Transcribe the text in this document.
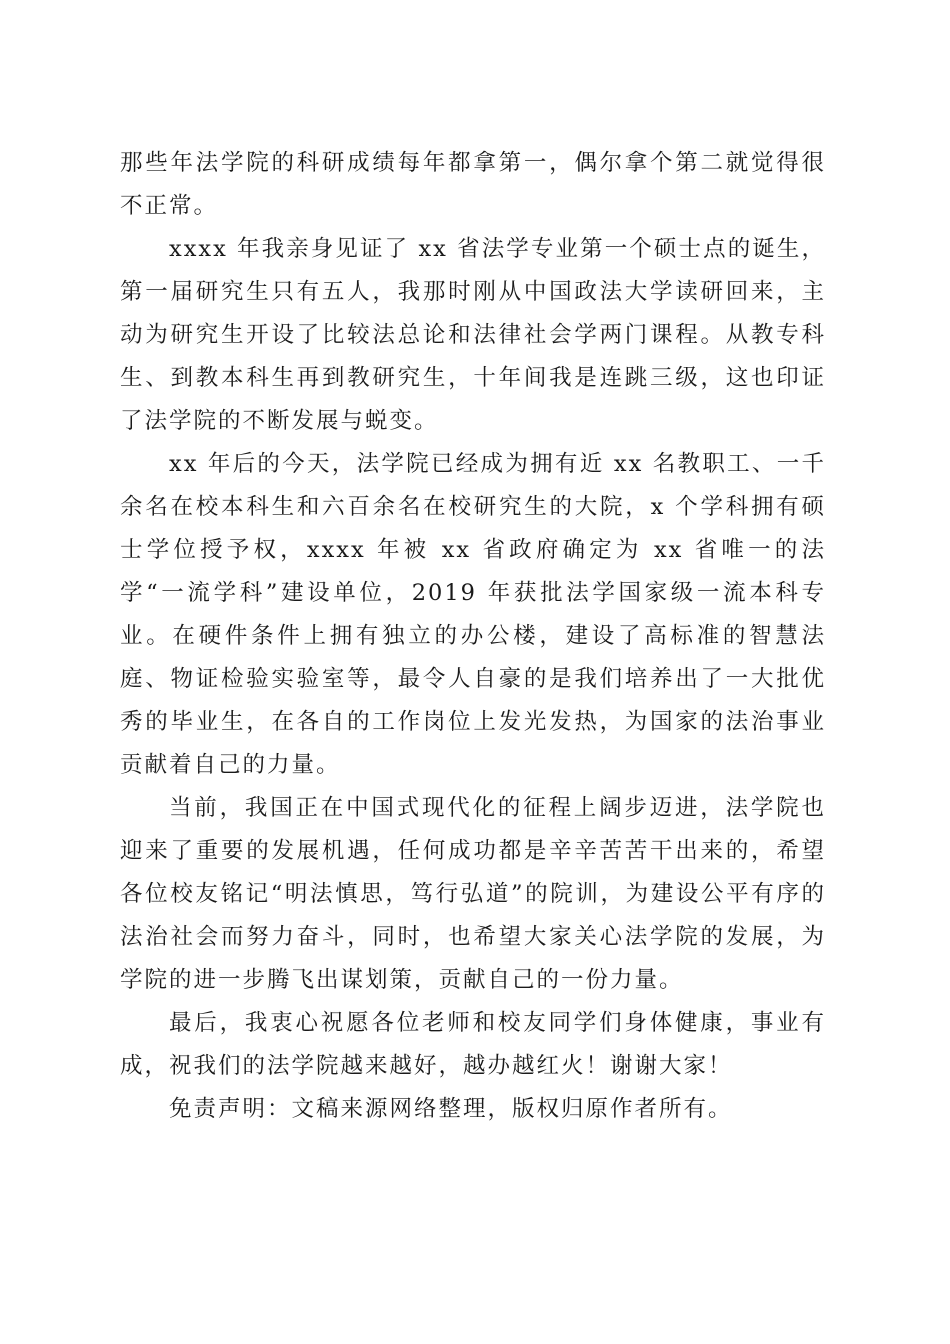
那些年法学院的科研成绩每年都拿第一，偶尔拿个第二就觉得很不正常。

xxxx 年我亲身见证了 xx 省法学专业第一个硕士点的诞生，第一届研究生只有五人，我那时刚从中国政法大学读研回来，主动为研究生开设了比较法总论和法律社会学两门课程。从教专科生、到教本科生再到教研究生，十年间我是连跳三级，这也印证了法学院的不断发展与蜕变。

xx 年后的今天，法学院已经成为拥有近 xx 名教职工、一千余名在校本科生和六百余名在校研究生的大院，x 个学科拥有硕士学位授予权，xxxx 年被 xx 省政府确定为 xx 省唯一的法学“一流学科”建设单位，2019 年获批法学国家级一流本科专业。在硬件条件上拥有独立的办公楼，建设了高标准的智慧法庭、物证检验实验室等，最令人自豪的是我们培养出了一大批优秀的毕业生，在各自的工作岗位上发光发热，为国家的法治事业贡献着自己的力量。

当前，我国正在中国式现代化的征程上阔步迈进，法学院也迎来了重要的发展机遇，任何成功都是辛辛苦苦干出来的，希望各位校友铭记“明法慎思，笃行弘道”的院训，为建设公平有序的法治社会而努力奋斗，同时，也希望大家关心法学院的发展，为学院的进一步腾飞出谋划策，贡献自己的一份力量。

最后，我衷心祝愿各位老师和校友同学们身体健康，事业有成，祝我们的法学院越来越好，越办越红火！谢谢大家！

免责声明：文稿来源网络整理，版权归原作者所有。
